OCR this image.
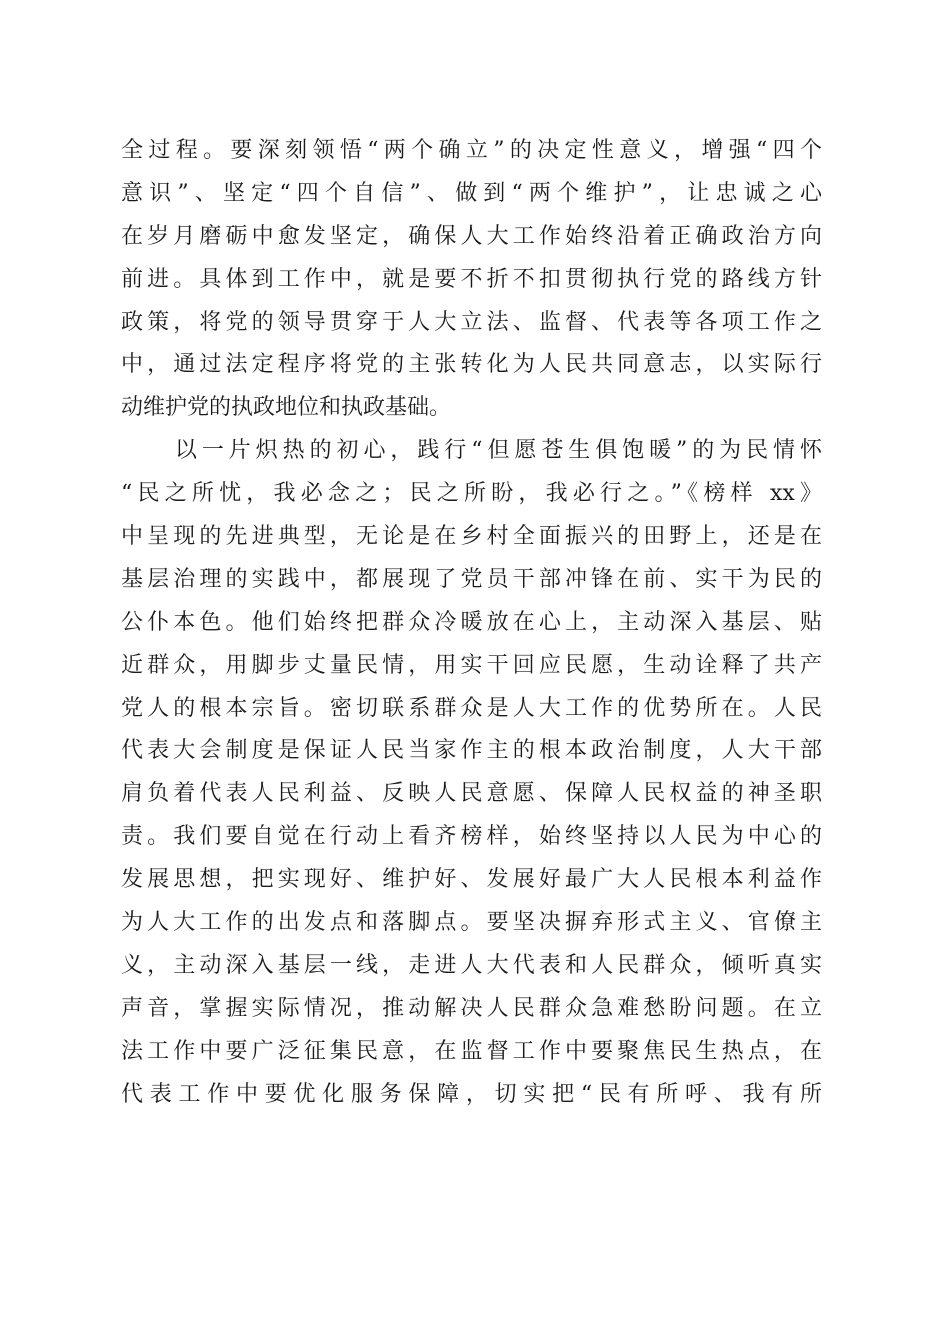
全过程。要深刻领悟“两个确立”的决定性意义，增强“四个
意识”、坚定“四个自信”、做到“两个维护”，让忠诚之心
在岁月磨砺中愈发坚定，确保人大工作始终沿着正确政治方向
前进。具体到工作中，就是要不折不扣贯彻执行党的路线方针
政策，将党的领导贯穿于人大立法、监督、代表等各项工作之
中，通过法定程序将党的主张转化为人民共同意志，以实际行
动维护党的执政地位和执政基础。
　　以一片炽热的初心，践行“但愿苍生俱饱暖”的为民情怀
“民之所忧，我必念之；民之所盼，我必行之。”《榜样 xx》
中呈现的先进典型，无论是在乡村全面振兴的田野上，还是在
基层治理的实践中，都展现了党员干部冲锋在前、实干为民的
公仆本色。他们始终把群众冷暖放在心上，主动深入基层、贴
近群众，用脚步丈量民情，用实干回应民愿，生动诠释了共产
党人的根本宗旨。密切联系群众是人大工作的优势所在。人民
代表大会制度是保证人民当家作主的根本政治制度，人大干部
肩负着代表人民利益、反映人民意愿、保障人民权益的神圣职
责。我们要自觉在行动上看齐榜样，始终坚持以人民为中心的
发展思想，把实现好、维护好、发展好最广大人民根本利益作
为人大工作的出发点和落脚点。要坚决摒弃形式主义、官僚主
义，主动深入基层一线，走进人大代表和人民群众，倾听真实
声音，掌握实际情况，推动解决人民群众急难愁盼问题。在立
法工作中要广泛征集民意，在监督工作中要聚焦民生热点，在
代表工作中要优化服务保障，切实把“民有所呼、我有所
